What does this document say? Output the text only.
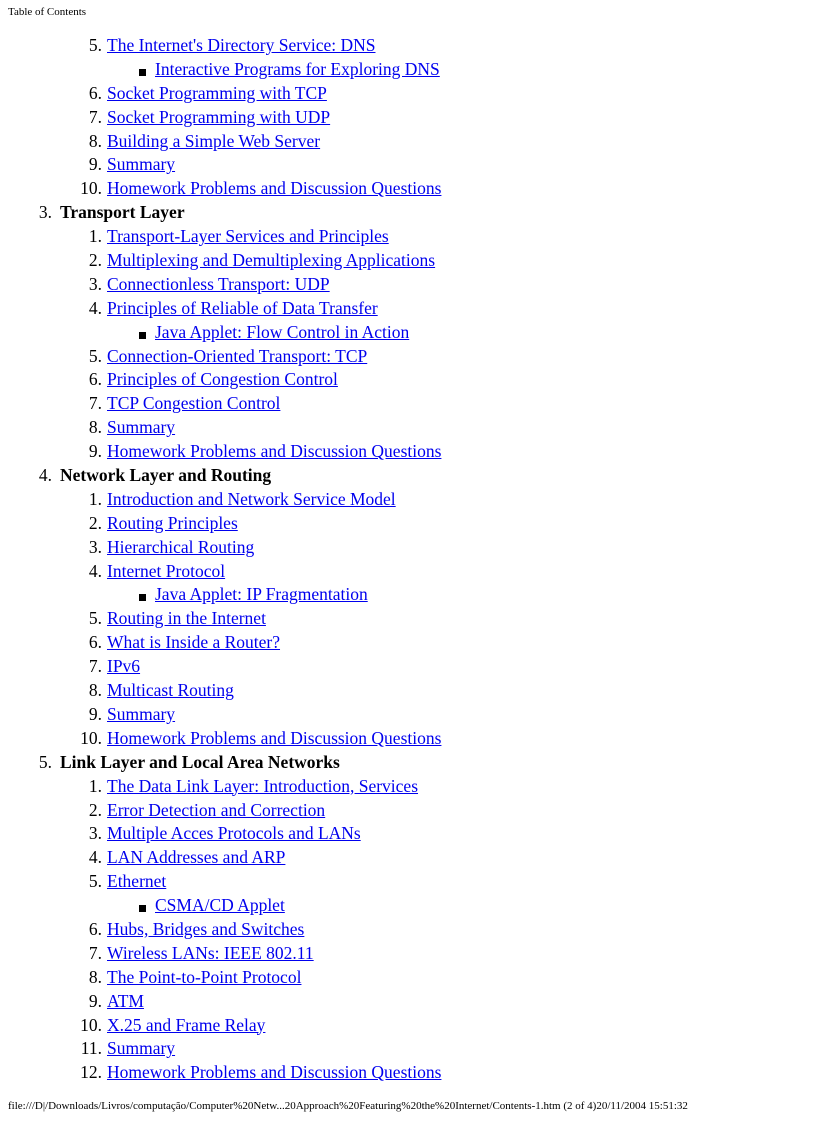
Table of Contents
5. The Internet's Directory Service: DNS
Interactive Programs for Exploring DNS
6. Socket Programming with TCP
7. Socket Programming with UDP
8. Building a Simple Web Server
9. Summary
10. Homework Problems and Discussion Questions
3. Transport Layer
1. Transport-Layer Services and Principles
2. Multiplexing and Demultiplexing Applications
3. Connectionless Transport: UDP
4. Principles of Reliable of Data Transfer
Java Applet: Flow Control in Action
5. Connection-Oriented Transport: TCP
6. Principles of Congestion Control
7. TCP Congestion Control
8. Summary
9. Homework Problems and Discussion Questions
4. Network Layer and Routing
1. Introduction and Network Service Model
2. Routing Principles
3. Hierarchical Routing
4. Internet Protocol
Java Applet: IP Fragmentation
5. Routing in the Internet
6. What is Inside a Router?
7. IPv6
8. Multicast Routing
9. Summary
10. Homework Problems and Discussion Questions
5. Link Layer and Local Area Networks
1. The Data Link Layer: Introduction, Services
2. Error Detection and Correction
3. Multiple Acces Protocols and LANs
4. LAN Addresses and ARP
5. Ethernet
CSMA/CD Applet
6. Hubs, Bridges and Switches
7. Wireless LANs: IEEE 802.11
8. The Point-to-Point Protocol
9. ATM
10. X.25 and Frame Relay
11. Summary
12. Homework Problems and Discussion Questions
file:///D|/Downloads/Livros/computação/Computer%20Netw...20Approach%20Featuring%20the%20Internet/Contents-1.htm (2 of 4)20/11/2004 15:51:32
